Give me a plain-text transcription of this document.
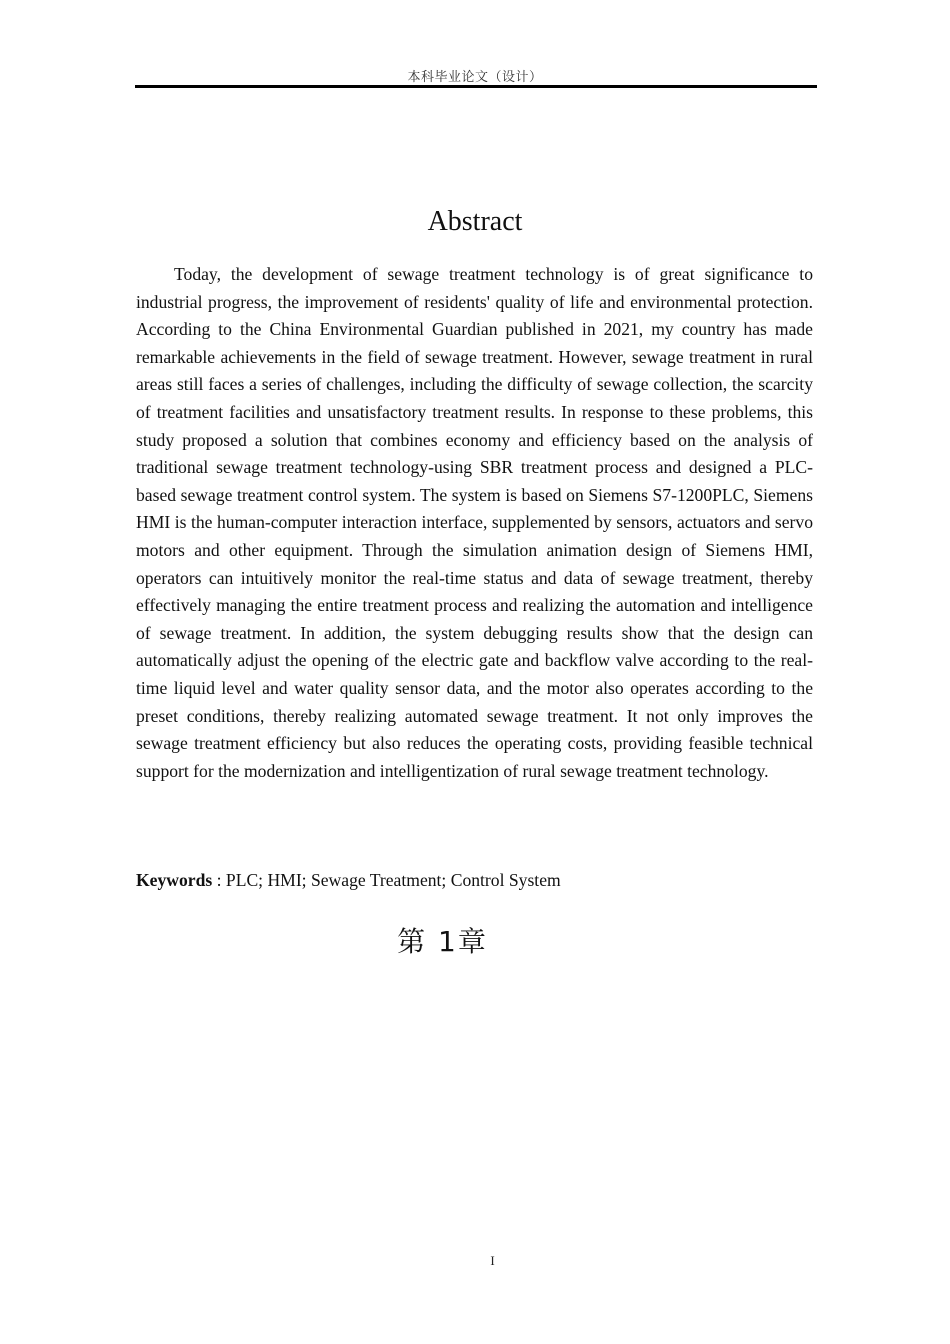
本科毕业论文（设计）
Abstract

Today, the development of sewage treatment technology is of great significance to industrial progress, the improvement of residents' quality of life and environmental protection. According to the China Environmental Guardian published in 2021, my country has made remarkable achievements in the field of sewage treatment. However, sewage treatment in rural areas still faces a series of challenges, including the difficulty of sewage collection, the scarcity of treatment facilities and unsatisfactory treatment results. In response to these problems, this study proposed a solution that combines economy and efficiency based on the analysis of traditional sewage treatment technology-using SBR treatment process and designed a PLC-based sewage treatment control system. The system is based on Siemens S7-1200PLC, Siemens HMI is the human-computer interaction interface, supplemented by sensors, actuators and servo motors and other equipment. Through the simulation animation design of Siemens HMI, operators can intuitively monitor the real-time status and data of sewage treatment, thereby effectively managing the entire treatment process and realizing the automation and intelligence of sewage treatment. In addition, the system debugging results show that the design can automatically adjust the opening of the electric gate and backflow valve according to the real-time liquid level and water quality sensor data, and the motor also operates according to the preset conditions, thereby realizing automated sewage treatment. It not only improves the sewage treatment efficiency but also reduces the operating costs, providing feasible technical support for the modernization and intelligentization of rural sewage treatment technology.

Keywords : PLC; HMI; Sewage Treatment; Control System

第 1章
I
